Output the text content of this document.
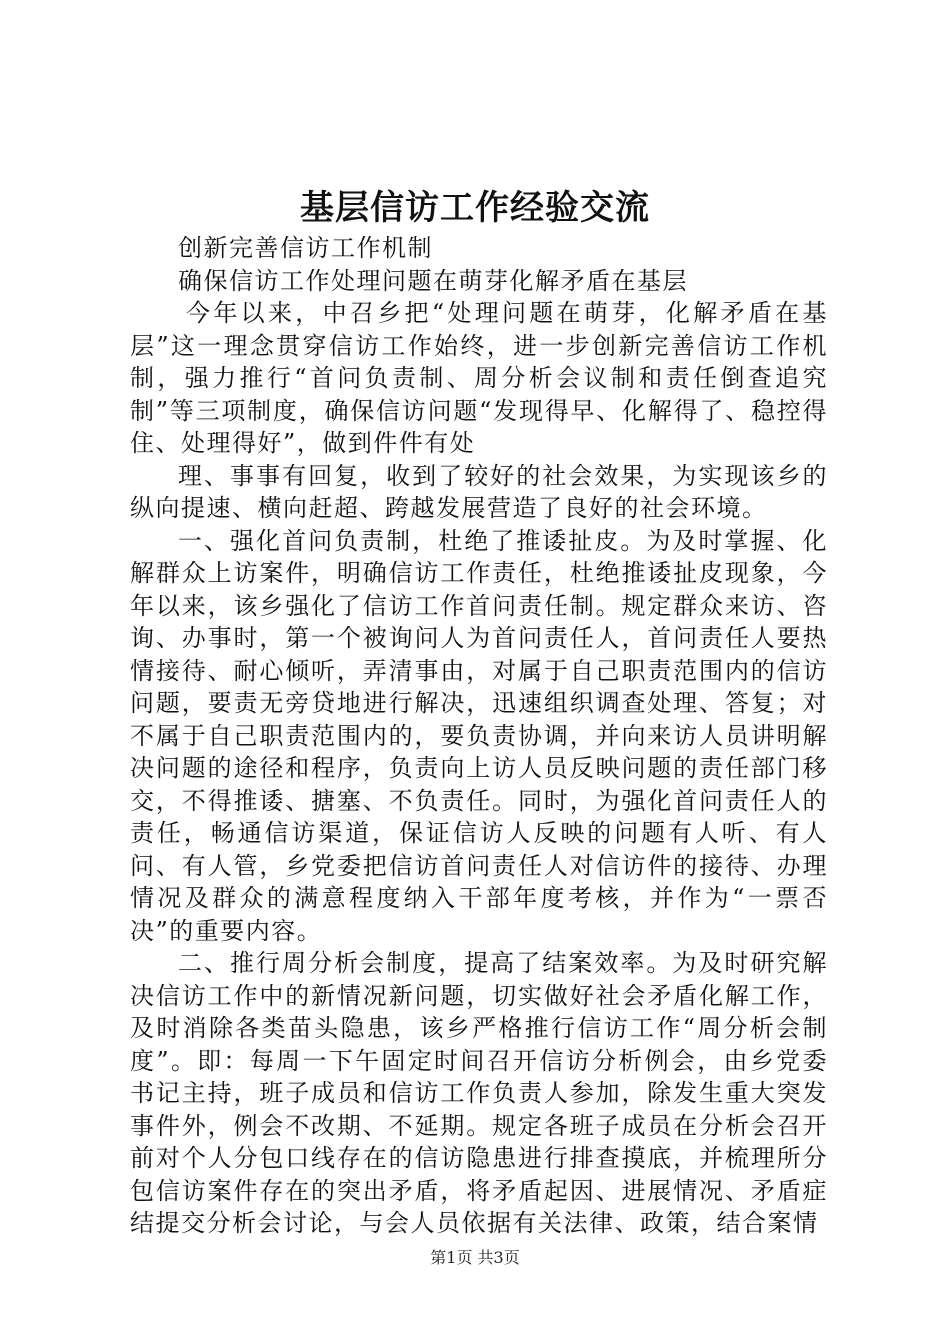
基层信访工作经验交流

创新完善信访工作机制

确保信访工作处理问题在萌芽化解矛盾在基层

今年以来，中召乡把“处理问题在萌芽，化解矛盾在基层”这一理念贯穿信访工作始终，进一步创新完善信访工作机制，强力推行“首问负责制、周分析会议制和责任倒查追究制”等三项制度，确保信访问题“发现得早、化解得了、稳控得住、处理得好”，做到件件有处

理、事事有回复，收到了较好的社会效果，为实现该乡的纵向提速、横向赶超、跨越发展营造了良好的社会环境。

一、强化首问负责制，杜绝了推诿扯皮。为及时掌握、化解群众上访案件，明确信访工作责任，杜绝推诿扯皮现象，今年以来，该乡强化了信访工作首问责任制。规定群众来访、咨询、办事时，第一个被询问人为首问责任人，首问责任人要热情接待、耐心倾听，弄清事由，对属于自己职责范围内的信访问题，要责无旁贷地进行解决，迅速组织调查处理、答复；对不属于自己职责范围内的，要负责协调，并向来访人员讲明解决问题的途径和程序，负责向上访人员反映问题的责任部门移交，不得推诿、搪塞、不负责任。同时，为强化首问责任人的责任，畅通信访渠道，保证信访人反映的问题有人听、有人问、有人管，乡党委把信访首问责任人对信访件的接待、办理情况及群众的满意程度纳入干部年度考核，并作为“一票否决”的重要内容。

二、推行周分析会制度，提高了结案效率。为及时研究解决信访工作中的新情况新问题，切实做好社会矛盾化解工作，及时消除各类苗头隐患，该乡严格推行信访工作“周分析会制度”。即：每周一下午固定时间召开信访分析例会，由乡党委书记主持，班子成员和信访工作负责人参加，除发生重大突发事件外，例会不改期、不延期。规定各班子成员在分析会召开前对个人分包口线存在的信访隐患进行排查摸底，并梳理所分包信访案件存在的突出矛盾，将矛盾起因、进展情况、矛盾症结提交分析会讨论，与会人员依据有关法律、政策，结合案情

第1页 共3页
